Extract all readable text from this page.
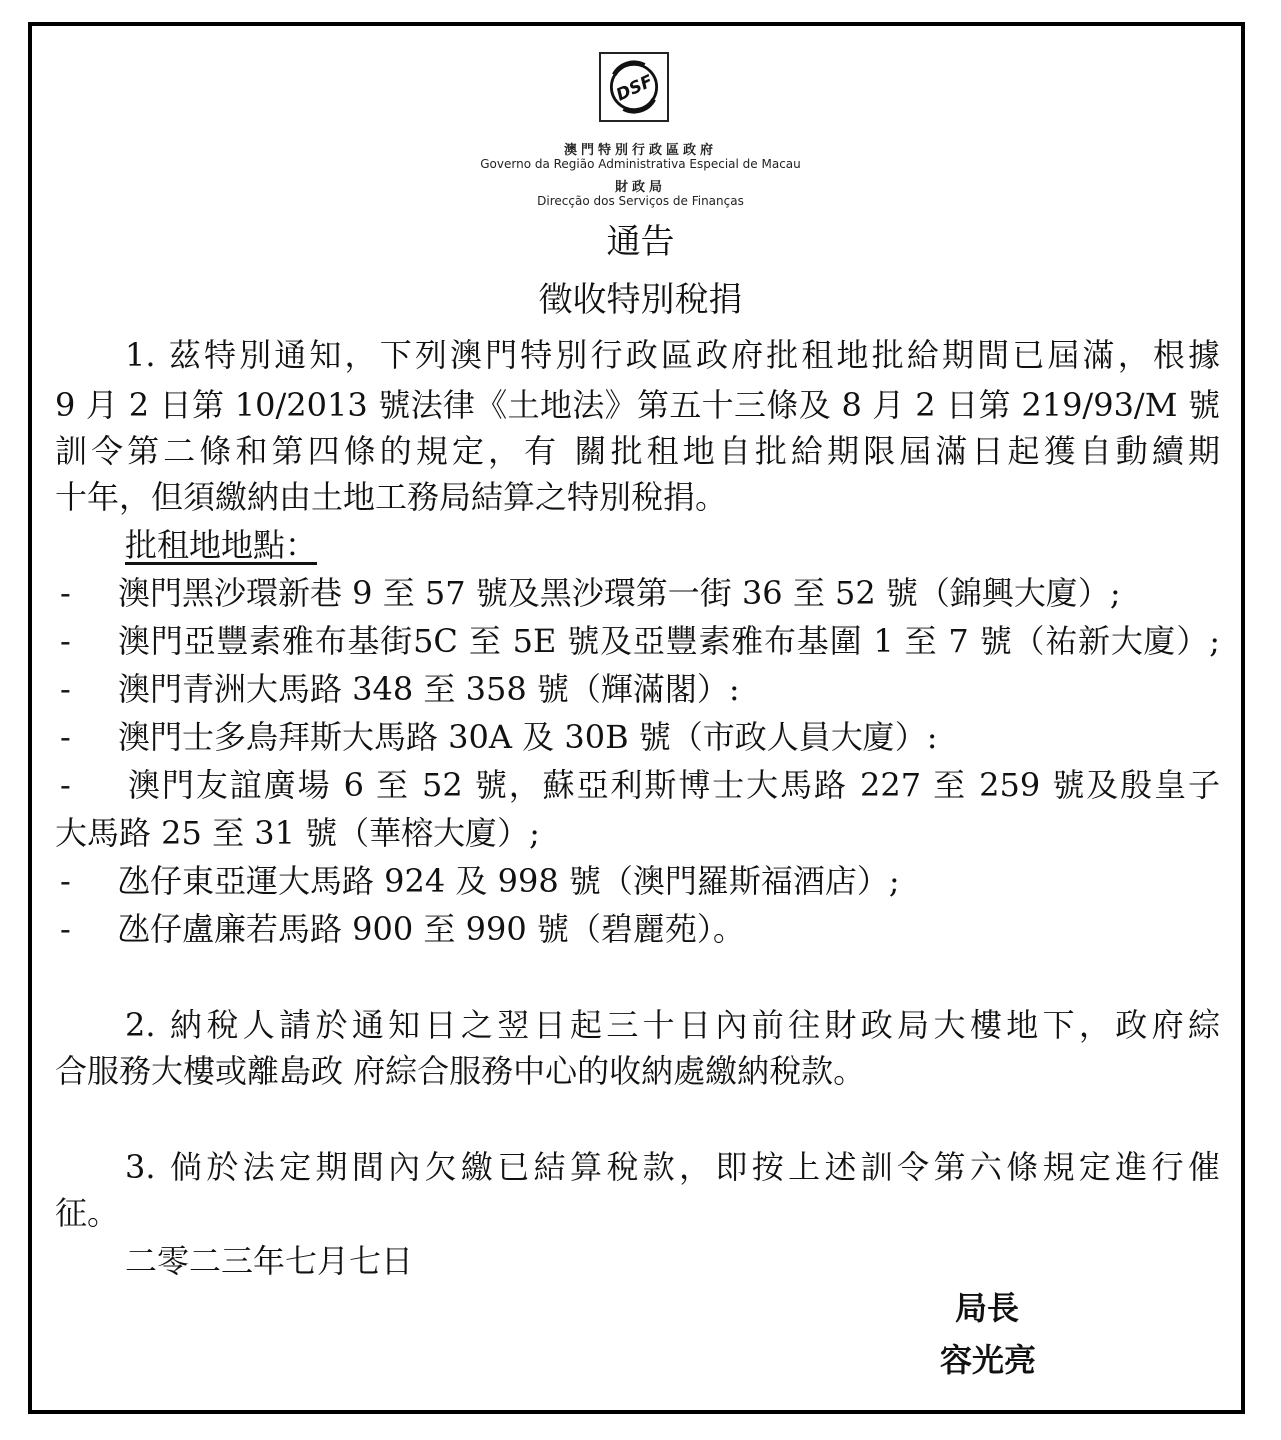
DSF
澳門特別行政區政府
Governo da Região Administrativa Especial de Macau
財政局
Direcção dos Serviços de Finanças
通告
徵收特別稅捐
1. 茲特別通知，下列澳門特別行政區政府批租地批給期間已屆滿，根據
9 月 2 日第 10/2013 號法律《土地法》第五十三條及 8 月 2 日第 219/93/M 號
訓令第二條和第四條的規定，有 關批租地自批給期限屆滿日起獲自動續期
十年，但須繳納由土地工務局結算之特別稅捐。
批租地地點：
- 澳門黑沙環新巷 9 至 57 號及黑沙環第一街 36 至 52 號（錦興大廈）;
- 澳門亞豐素雅布基街5C 至 5E 號及亞豐素雅布基圍 1 至 7 號（祐新大廈）;
- 澳門青洲大馬路 348 至 358 號（輝滿閣）:
- 澳門士多鳥拜斯大馬路 30A 及 30B 號（市政人員大廈）:
- 澳門友誼廣場 6 至 52 號，蘇亞利斯博士大馬路 227 至 259 號及殷皇子
大馬路 25 至 31 號（華榕大廈）;
- 氹仔東亞運大馬路 924 及 998 號（澳門羅斯福酒店）;
- 氹仔盧廉若馬路 900 至 990 號（碧麗苑）。
2. 納稅人請於通知日之翌日起三十日內前往財政局大樓地下，政府綜
合服務大樓或離島政 府綜合服務中心的收納處繳納稅款。
3. 倘於法定期間內欠繳已結算稅款，即按上述訓令第六條規定進行催
征。
二零二三年七月七日
局長
容光亮
